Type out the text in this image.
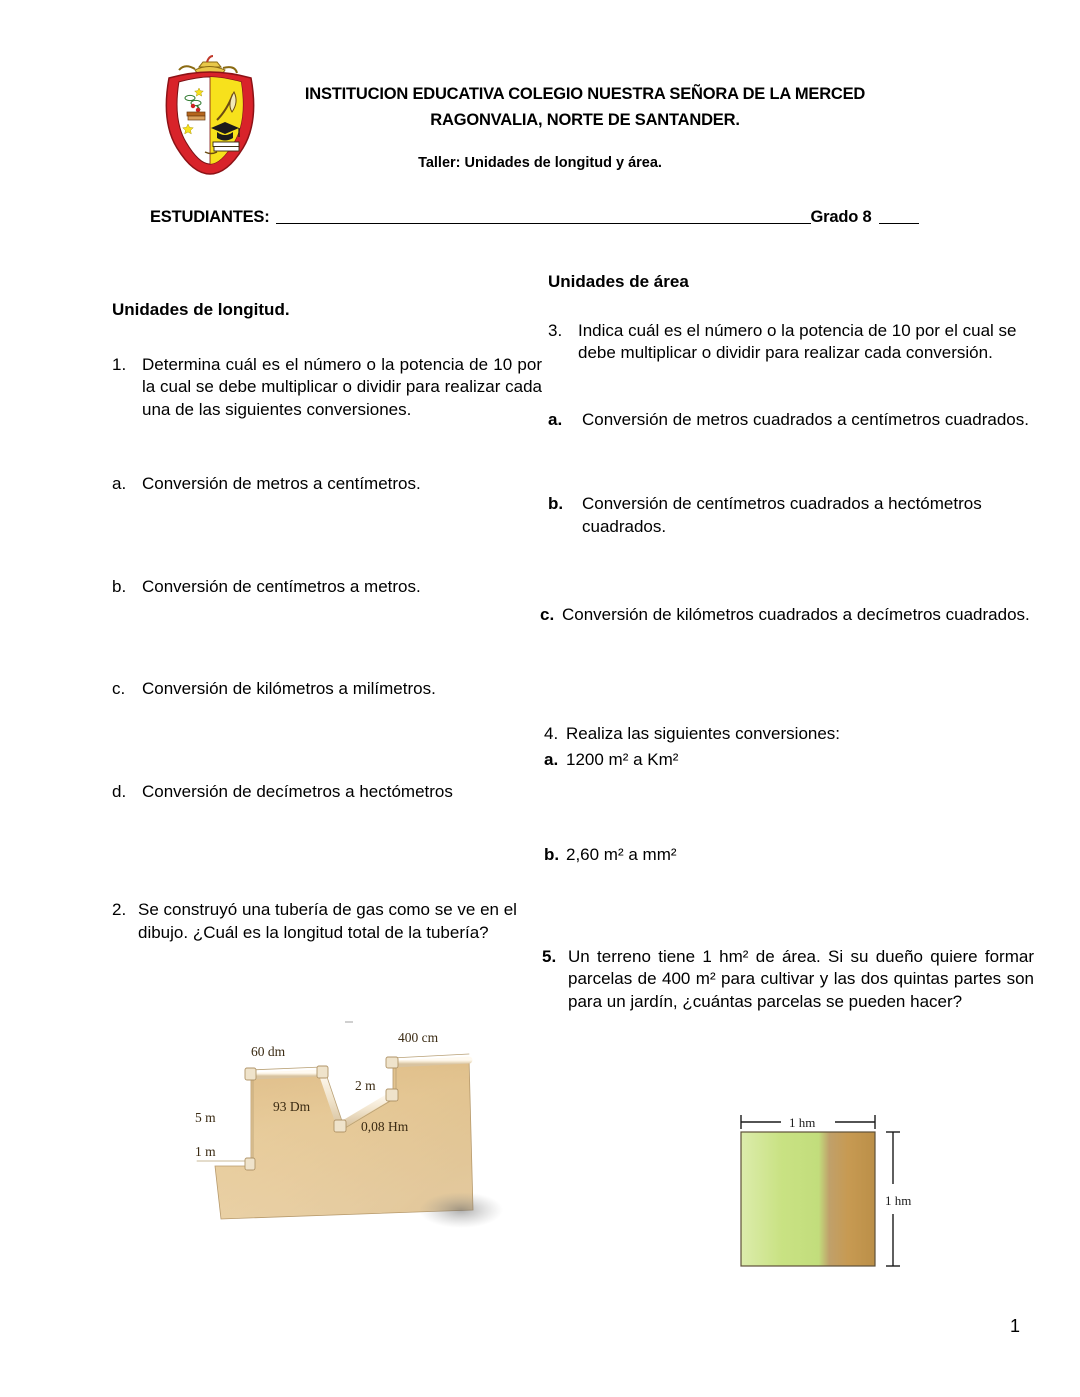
INSTITUCION EDUCATIVA COLEGIO NUESTRA SEÑORA DE LA MERCED
RAGONVALIA, NORTE DE SANTANDER.
Taller: Unidades de longitud y área.
ESTUDIANTES:	Grado 8
Unidades de longitud.
1. Determina cuál es el número o la potencia de 10 por la cual se debe multiplicar o dividir para realizar cada una de las siguientes conversiones.
a. Conversión de metros a centímetros.
b. Conversión de centímetros a metros.
c. Conversión de kilómetros a milímetros.
d. Conversión de decímetros a hectómetros
2. Se construyó una tubería de gas como se ve en el dibujo. ¿Cuál es la longitud total de la tubería?
Unidades de área
3. Indica cuál es el número o la potencia de 10 por el cual se debe multiplicar o dividir para realizar cada conversión.
a.	Conversión de metros cuadrados a centímetros cuadrados.
b.	Conversión de centímetros cuadrados a hectómetros cuadrados.
c. Conversión de kilómetros cuadrados a decímetros cuadrados.
4. Realiza las siguientes conversiones:
a. 1200 m² a Km²
b. 2,60 m² a mm²
5. Un terreno tiene 1 hm² de área. Si su dueño quiere formar parcelas de 400 m² para cultivar y las dos quintas partes son para un jardín, ¿cuántas parcelas se pueden hacer?
60 dm
400 cm
2 m
93 Dm
0,08 Hm
5 m
1 m
1 hm
1 hm
1
